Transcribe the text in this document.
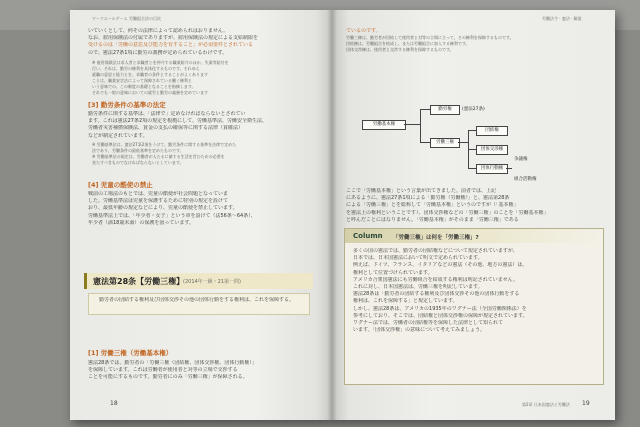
ワークルールゲーム 労働組合法の目次
いていくとして、何その法律によって認められはおりません。
なお、雇用保険法の付属でありますが、雇用保険法の規定による支給制限を
受けるのは「労働の意思及び能力を有すること」が必須要件とされている
ので、憲法27条1項に勤労の義務が定められているわけです。
※ 雇用保険法は求人者と求職者とを仲介する職業紹介のほか、失業等給付を
行い、それは、勤労の権利を具体化するものです。それゆえ
就職の意思と能力とを、求職者の条件とすることがよくあります
ことは、職業安定法によって保障されている働く権利と
いう意味での、この制度の基礎となることを指摘します。
それでも一般の意味においての就労と勤労の義務を定めています
[3] 勤労条件の基準の法定
勤労条件に関する基準は、「法律で」定めなければならないとされてい
ます。これは憲法27条2項の規定を根拠にして、労働基準法、労働安全衛生法、
労働者災害補償保険法、賃金の支払の確保等に関する法律（賃確法）
などが制定されています。
※ 労働基準法は、憲法27条2項をうけて、勤労条件に関する基準を法律で定めた
法であり、労働条件の最低基準を定めたものです。
※ 労働基準法の規定は、労働者が人たるに値する生活を営むための必要を
充たすべきものでなければならないとしています。
[4] 児童の酷使の禁止
戦前の工場法のもとでは、児童の酷使が社会問題となっていま
した。労働基準法は児童を保護するために特別の規定を設けて
おり、最低年齢の規定などにより、児童の酷使を禁止しています。
労働基準法上では、「年少者・女子」という章を設けて（法56条〜64条）、
年少者（満18歳未満）の保護を図っています。
憲法第28条【労働三権】
(2014年一級・21第一問)
勤労者の団結する権利及び団体交渉その他の団体行動をする権利は、これを保障する。
[1] 労働三権（労働基本権）
憲法28条では、勤労者の「労働三権（団結権、団体交渉権、団体行動権）」
を保障しています。これは労働者が使用者と対等の立場で交渉する
ことを可能にするものです。勤労者にのみ「労働三権」が保障される。
18
労働法令 · 憲法 · 解説
ているのです。
労働三権は、勤労者が団結して使用者と対等の立場に立って、その権利を保障するものです。
団結権は、労働組合を結成し、または労働組合に加入する権利です。
団体交渉権は、使用者と交渉する権利を保障するものです。
労働基本権
勤労権	(憲法27条)
労働三権
団結権
団体交渉権
団体行動権
争議権
組合活動権
ここで「労働基本権」という言葉が出てきました。前者では、上記
にあるように、憲法27条1項による「勤労権（労働権）」と、憲法第28条
による「労働三権」とを総称して「労働基本権」というのですが（「基本権」
を憲法上の権利ということです）、団体交渉権などの「労働三権」のことを「労働基本権」
と呼んだことにはなりません。「労働基本権」がそのまま「労働三権」である
Column 「労働三権」は何を「労働三権」?
多くの国の憲法では、勤労者の団結権などについて規定されていますが、
日本では、日本国憲法において明文で定められています。
例えば、ドイツ、フランス、イタリアなどの憲法（その他、地方の憲法）は、
権利として位置づけられています。
アメリカ合衆国憲法にも労働組合を結成する権利は明記されていません。
これに対し、日本国憲法は、労働三権を明記しています。
憲法28条は「勤労者の団結する権利及び団体交渉その他の団体行動をする
権利は、これを保障する」と規定しています。
しかし、憲法28条は、アメリカの1935年のワグナー法（全国労働関係法）を
参考にしており、そこでは、団結権と団体交渉権の保障が規定されています。
ワグナー法では、労働者の団結権等を保障した法律として知られて
います。「団体交渉権」の意味について考えてみましょう。
第2章 日本国憲法と労働法 19
